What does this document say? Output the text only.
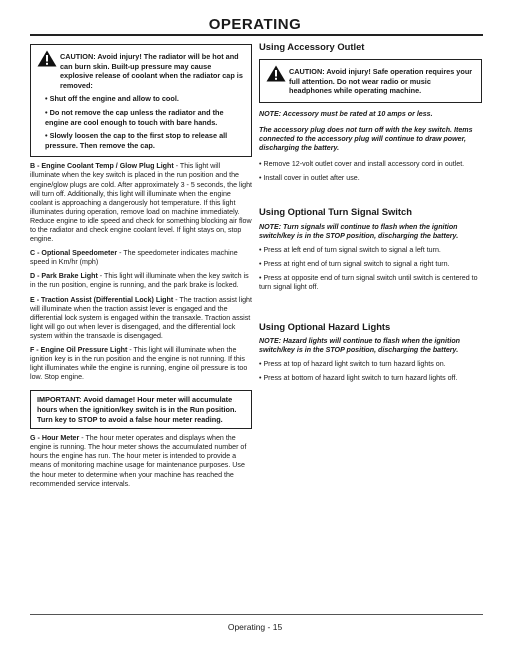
OPERATING
CAUTION: Avoid injury! The radiator will be hot and can burn skin. Built-up pressure may cause explosive release of coolant when the radiator cap is removed:

• Shut off the engine and allow to cool.

• Do not remove the cap unless the radiator and the engine are cool enough to touch with bare hands.

• Slowly loosen the cap to the first stop to release all pressure. Then remove the cap.

B - Engine Coolant Temp / Glow Plug Light - This light will illuminate when the key switch is placed in the run position and the engine/glow plugs are cold. After approximately 3 - 5 seconds, the light will turn off. Additionally, this light will illuminate when the engine coolant is approaching a dangerously hot temperature. If this light illuminates during operation, remove load on machine immediately. Reduce engine to idle speed and check for something blocking air flow to the radiator and check engine coolant level. If light stays on, stop engine.

C - Optional Speedometer - The speedometer indicates machine speed in Km/hr (mph)

D - Park Brake Light - This light will illuminate when the key switch is in the run position, engine is running, and the park brake is locked.

E - Traction Assist (Differential Lock) Light - The traction assist light will illuminate when the traction assist lever is engaged and the differential lock system is engaged within the transaxle. Traction assist light will go out when lever is disengaged, and the differential lock system within the transaxle is disengaged.

F - Engine Oil Pressure Light - This light will illuminate when the ignition key is in the run position and the engine is not running. If this light illuminates while the engine is running, engine oil pressure is too low. Stop engine.

IMPORTANT: Avoid damage! Hour meter will accumulate hours when the ignition/key switch is in the Run position. Turn key to STOP to avoid a false hour meter reading.

G - Hour Meter - The hour meter operates and displays when the engine is running. The hour meter shows the accumulated number of hours the engine has run. The hour meter is intended to provide a means of monitoring machine usage for maintenance purposes. Use the hour meter to determine when your machine has reached the recommended service intervals.

Using Accessory Outlet
CAUTION: Avoid injury! Safe operation requires your full attention. Do not wear radio or music headphones while operating machine.

NOTE: Accessory must be rated at 10 amps or less.

The accessory plug does not turn off with the key switch. Items connected to the accessory plug will continue to draw power, discharging the battery.

• Remove 12-volt outlet cover and install accessory cord in outlet.

• Install cover in outlet after use.

Using Optional Turn Signal Switch

NOTE: Turn signals will continue to flash when the ignition switch/key is in the STOP position, discharging the battery.

• Press at left end of turn signal switch to signal a left turn.

• Press at right end of turn signal switch to signal a right turn.

• Press at opposite end of turn signal switch until switch is centered to turn signal light off.

Using Optional Hazard Lights

NOTE: Hazard lights will continue to flash when the ignition switch/key is in the STOP position, discharging the battery.

• Press at top of hazard light switch to turn hazard lights on.

• Press at bottom of hazard light switch to turn hazard lights off.

Operating - 15
